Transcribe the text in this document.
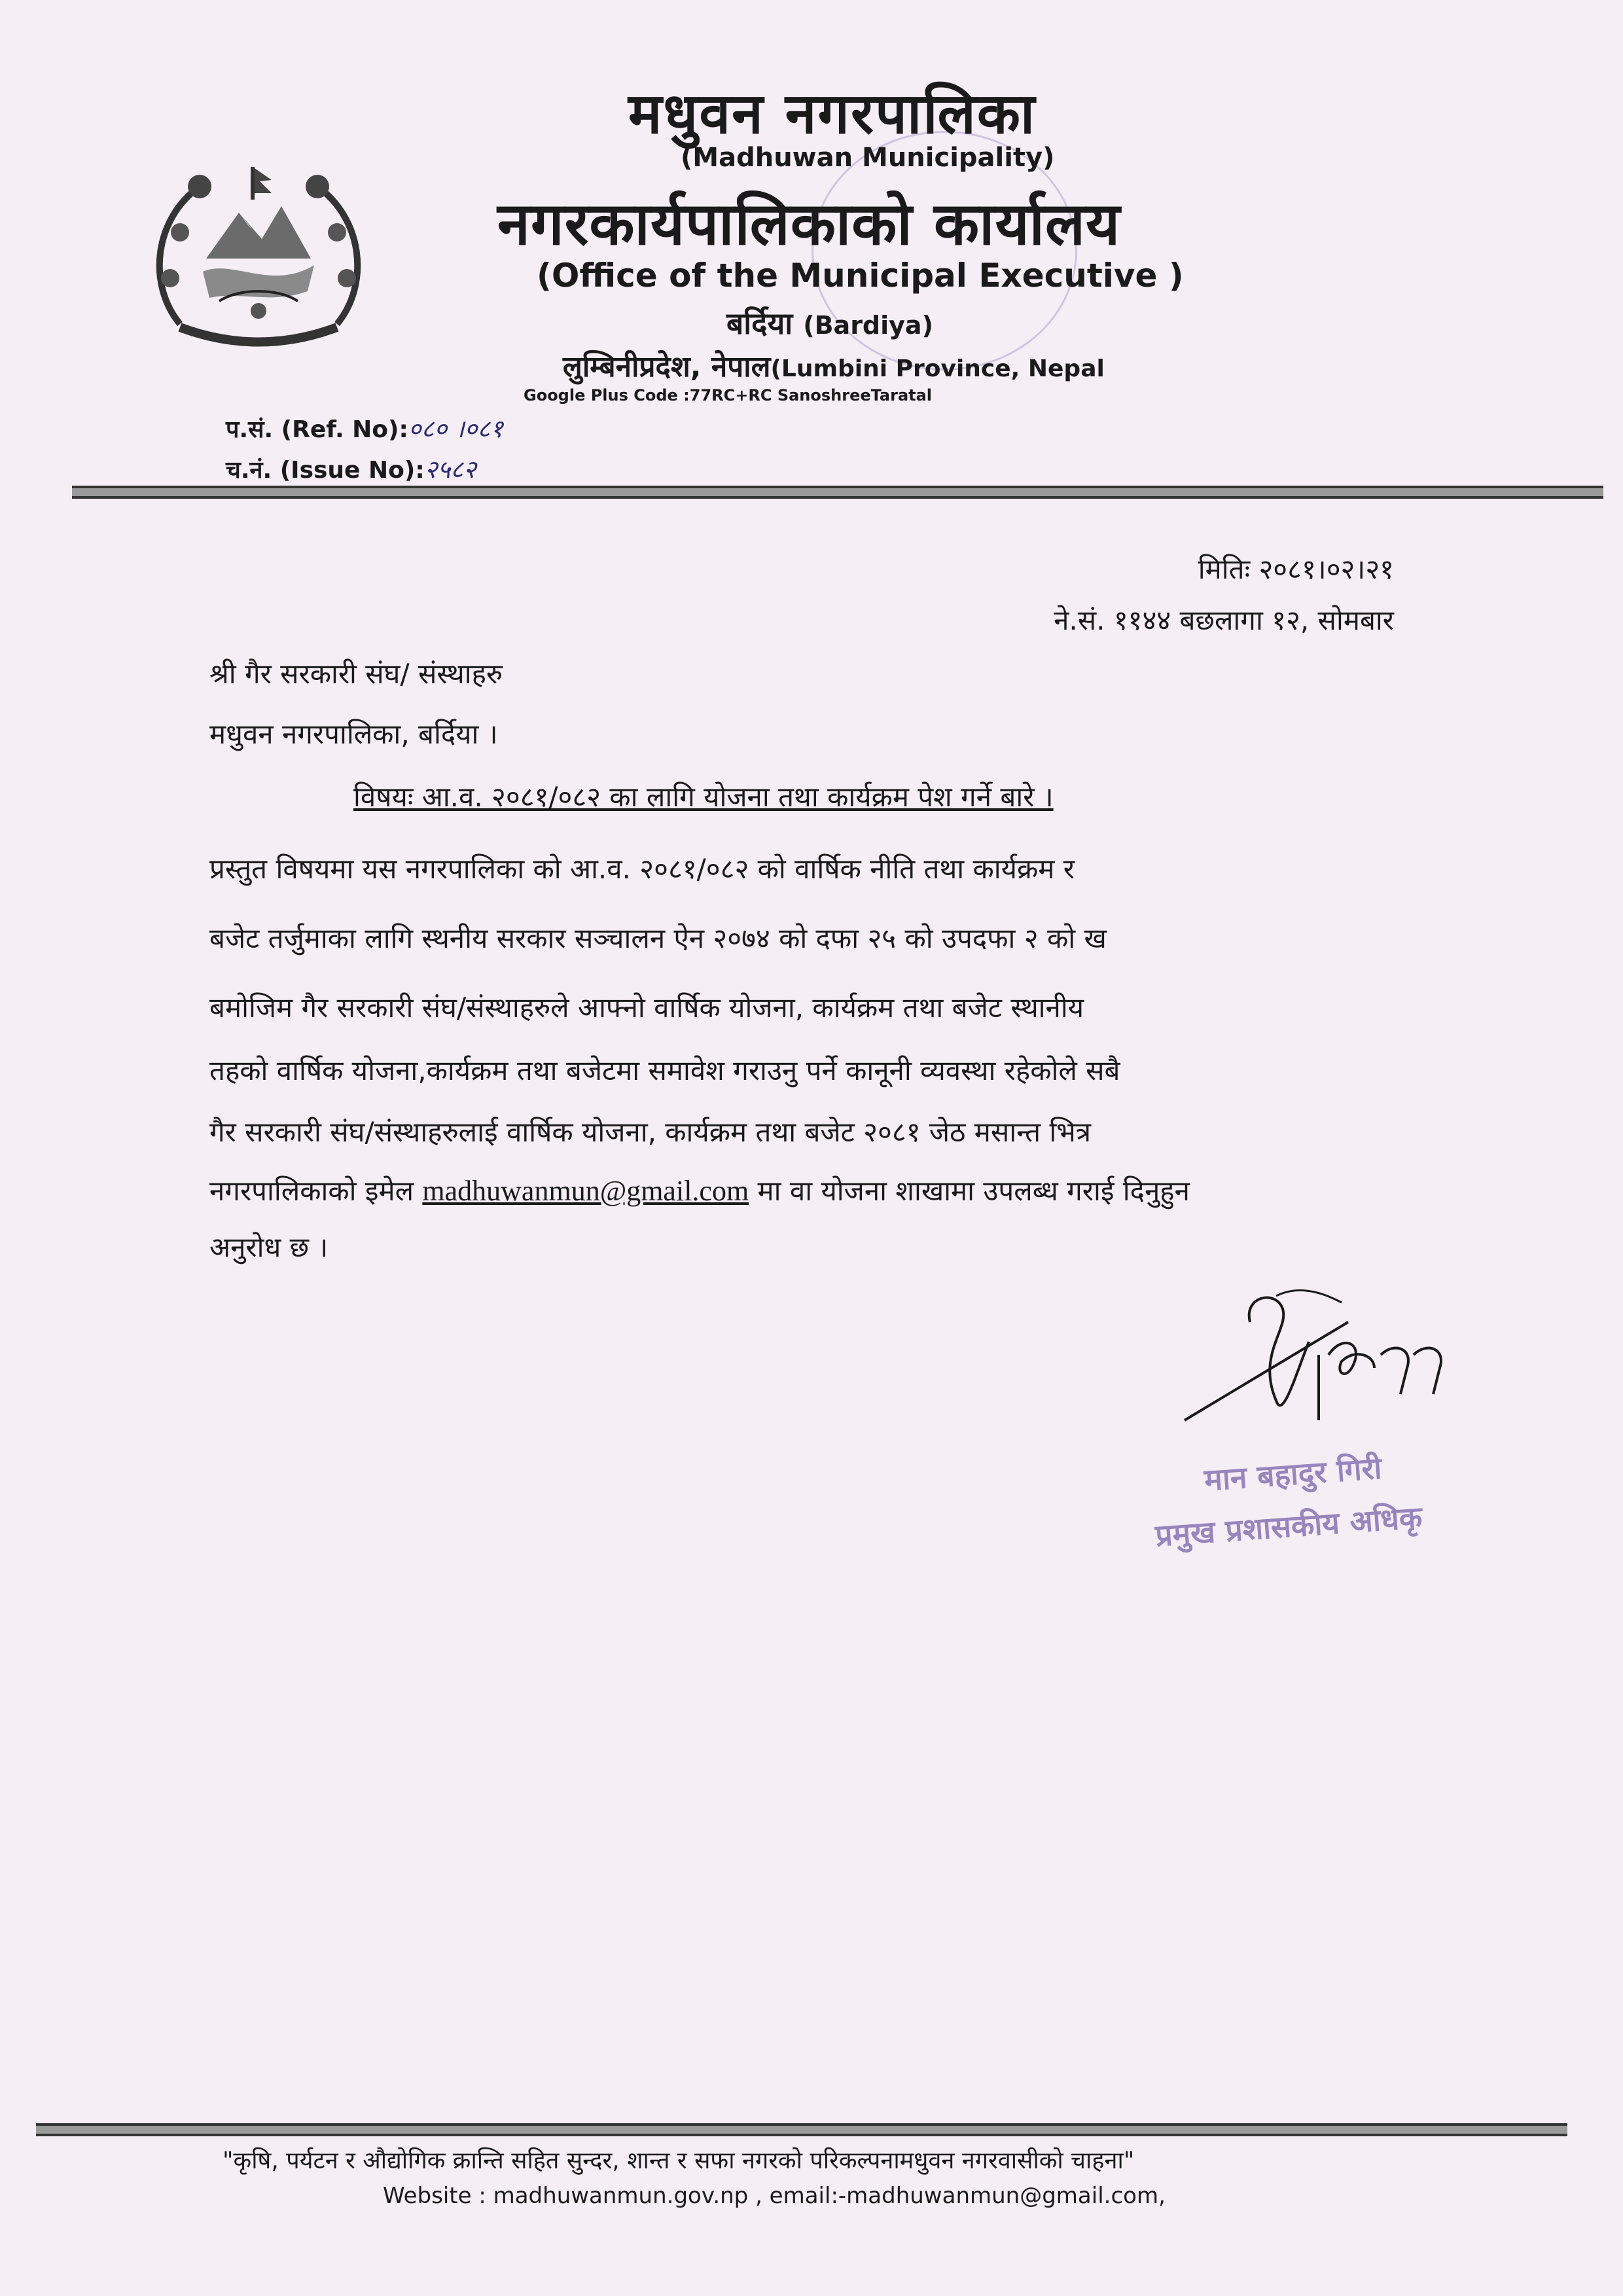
मधुवन नगरपालिका
(Madhuwan Municipality)
नगरकार्यपालिकाको कार्यालय
(Office of the Municipal Executive )
बर्दिया (Bardiya)
लुम्बिनीप्रदेश, नेपाल(Lumbini Province, Nepal
Google Plus Code :77RC+RC SanoshreeTaratal
प.सं. (Ref. No):०८० ।०८१
च.नं. (Issue No):२५८२
मितिः २०८१।०२।२१
ने.सं. ११४४ बछलागा १२, सोमबार
श्री गैर सरकारी संघ/ संस्थाहरु
मधुवन नगरपालिका, बर्दिया ।
विषयः आ.व. २०८१/०८२ का लागि योजना तथा कार्यक्रम पेश गर्ने बारे ।
प्रस्तुत विषयमा यस नगरपालिका को आ.व. २०८१/०८२ को वार्षिक नीति तथा कार्यक्रम र
बजेट तर्जुमाका लागि स्थनीय सरकार सञ्चालन ऐन २०७४ को दफा २५ को उपदफा २ को ख
बमोजिम गैर सरकारी संघ/संस्थाहरुले आफ्नो वार्षिक योजना, कार्यक्रम तथा बजेट स्थानीय
तहको वार्षिक योजना,कार्यक्रम तथा बजेटमा समावेश गराउनु पर्ने कानूनी व्यवस्था रहेकोले सबै
गैर सरकारी संघ/संस्थाहरुलाई वार्षिक योजना, कार्यक्रम तथा बजेट २०८१ जेठ मसान्त भित्र
नगरपालिकाको इमेल madhuwanmun@gmail.com मा वा योजना शाखामा उपलब्ध गराई दिनुहुन
अनुरोध छ ।
मान बहादुर गिरी
प्रमुख प्रशासकीय अधिकृ
"कृषि, पर्यटन र औद्योगिक क्रान्ति सहित सुन्दर, शान्त र सफा नगरको परिकल्पनामधुवन नगरवासीको चाहना"
Website : madhuwanmun.gov.np , email:-madhuwanmun@gmail.com,
